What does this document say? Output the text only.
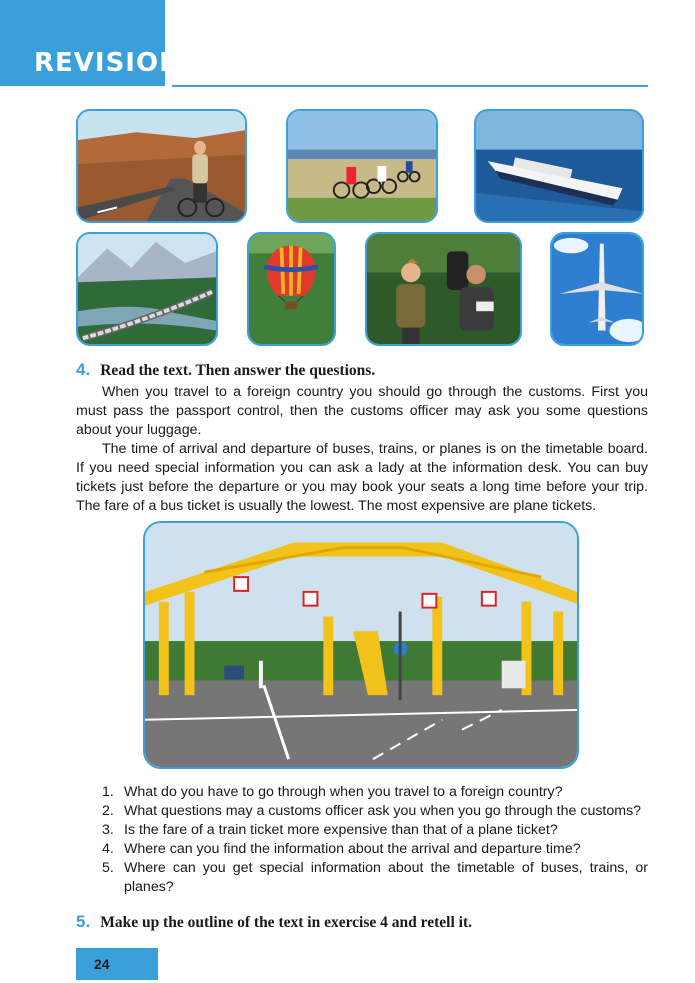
REVISION
4. Read the text. Then answer the questions.

When you travel to a foreign country you should go through the customs. First you must pass the passport control, then the customs officer may ask you some questions about your luggage.

The time of arrival and departure of buses, trains, or planes is on the timetable board. If you need special information you can ask a lady at the information desk. You can buy tickets just before the departure or you may book your seats a long time before your trip. The fare of a bus ticket is usually the lowest. The most expensive are plane tickets.

1. What do you have to go through when you travel to a foreign country?
2. What questions may a customs officer ask you when you go through the customs?
3. Is the fare of a train ticket more expensive than that of a plane ticket?
4. Where can you find the information about the arrival and departure time?
5. Where can you get special information about the timetable of buses, trains, or planes?
5. Make up the outline of the text in exercise 4 and retell it.
24
